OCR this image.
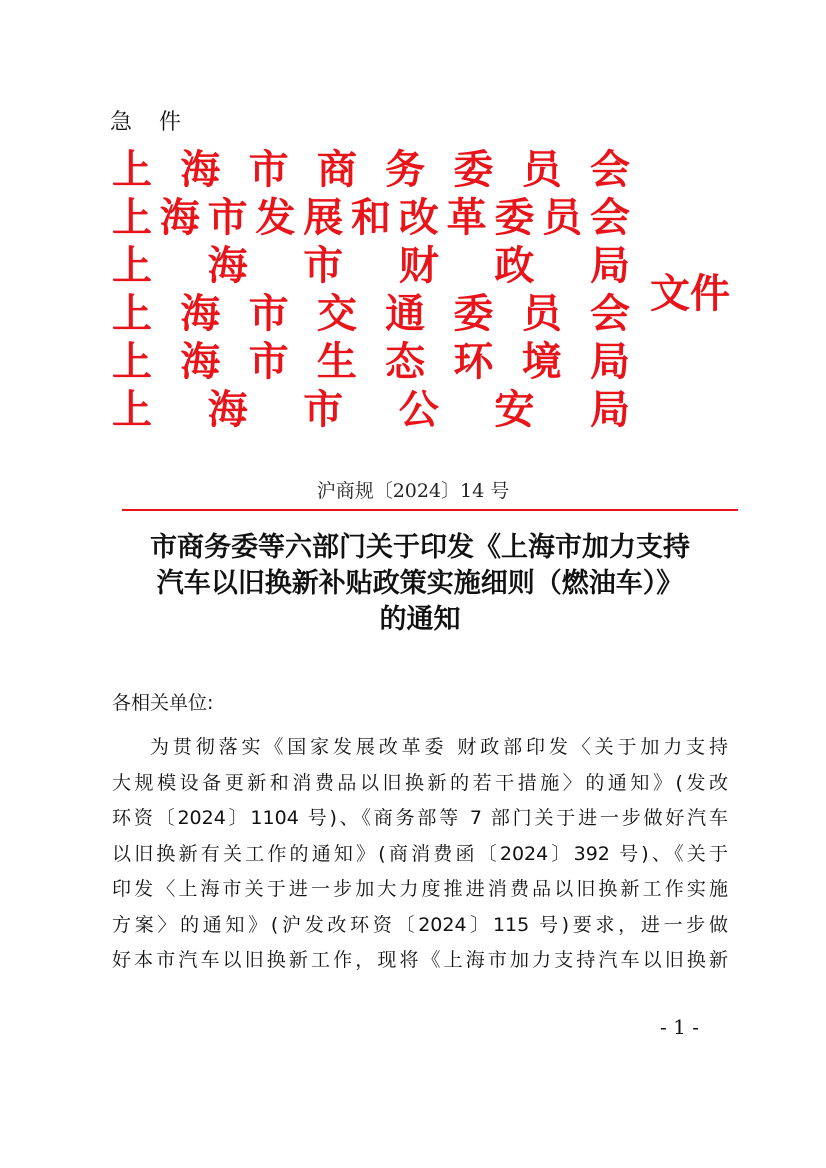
急 件
上 海 市 商 务 委 员 会
上 海 市 发 展 和 改 革 委 员 会
上 海 市 财 政 局
上 海 市 交 通 委 员 会
上 海 市 生 态 环 境 局
上 海 市 公 安 局
文件
沪商规〔2024〕14 号
市商务委等六部门关于印发《上海市加力支持
汽车以旧换新补贴政策实施细则（燃油车）》
的通知
各相关单位:
为贯彻落实《国家发展改革委 财政部印发〈关于加力支持
大规模设备更新和消费品以旧换新的若干措施〉的通知》(发改
环资〔2024〕1104 号)、《商务部等 7 部门关于进一步做好汽车
以旧换新有关工作的通知》(商消费函〔2024〕392 号)、《关于
印发〈上海市关于进一步加大力度推进消费品以旧换新工作实施
方案〉的通知》(沪发改环资〔2024〕115 号)要求，进一步做
好本市汽车以旧换新工作，现将《上海市加力支持汽车以旧换新
- 1 -
